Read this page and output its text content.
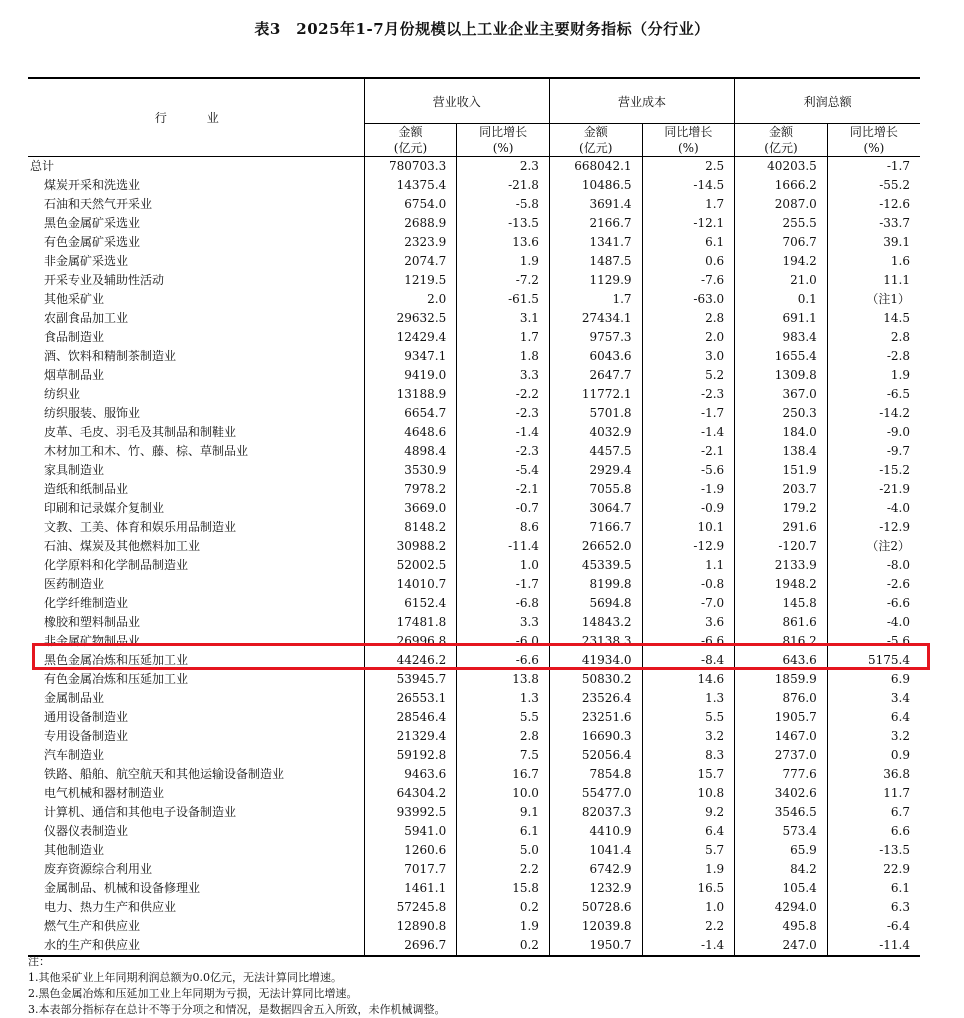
表3　2025年1-7月份规模以上工业企业主要财务指标（分行业）
行 业	营业收入		营业成本		利润总额	
	金额	同比增长	金额	同比增长	金额	同比增长
	(亿元)	(%)	(亿元)	(%)	(亿元)	(%)
总计	780703.3	2.3	668042.1	2.5	40203.5	-1.7
煤炭开采和洗选业	14375.4	-21.8	10486.5	-14.5	1666.2	-55.2
石油和天然气开采业	6754.0	-5.8	3691.4	1.7	2087.0	-12.6
黑色金属矿采选业	2688.9	-13.5	2166.7	-12.1	255.5	-33.7
有色金属矿采选业	2323.9	13.6	1341.7	6.1	706.7	39.1
非金属矿采选业	2074.7	1.9	1487.5	0.6	194.2	1.6
开采专业及辅助性活动	1219.5	-7.2	1129.9	-7.6	21.0	11.1
其他采矿业	2.0	-61.5	1.7	-63.0	0.1	（注1）
农副食品加工业	29632.5	3.1	27434.1	2.8	691.1	14.5
食品制造业	12429.4	1.7	9757.3	2.0	983.4	2.8
酒、饮料和精制茶制造业	9347.1	1.8	6043.6	3.0	1655.4	-2.8
烟草制品业	9419.0	3.3	2647.7	5.2	1309.8	1.9
纺织业	13188.9	-2.2	11772.1	-2.3	367.0	-6.5
纺织服装、服饰业	6654.7	-2.3	5701.8	-1.7	250.3	-14.2
皮革、毛皮、羽毛及其制品和制鞋业	4648.6	-1.4	4032.9	-1.4	184.0	-9.0
木材加工和木、竹、藤、棕、草制品业	4898.4	-2.3	4457.5	-2.1	138.4	-9.7
家具制造业	3530.9	-5.4	2929.4	-5.6	151.9	-15.2
造纸和纸制品业	7978.2	-2.1	7055.8	-1.9	203.7	-21.9
印刷和记录媒介复制业	3669.0	-0.7	3064.7	-0.9	179.2	-4.0
文教、工美、体育和娱乐用品制造业	8148.2	8.6	7166.7	10.1	291.6	-12.9
石油、煤炭及其他燃料加工业	30988.2	-11.4	26652.0	-12.9	-120.7	（注2）
化学原料和化学制品制造业	52002.5	1.0	45339.5	1.1	2133.9	-8.0
医药制造业	14010.7	-1.7	8199.8	-0.8	1948.2	-2.6
化学纤维制造业	6152.4	-6.8	5694.8	-7.0	145.8	-6.6
橡胶和塑料制品业	17481.8	3.3	14843.2	3.6	861.6	-4.0
非金属矿物制品业	26996.8	-6.0	23138.3	-6.6	816.2	-5.6
黑色金属冶炼和压延加工业	44246.2	-6.6	41934.0	-8.4	643.6	5175.4
有色金属冶炼和压延加工业	53945.7	13.8	50830.2	14.6	1859.9	6.9
金属制品业	26553.1	1.3	23526.4	1.3	876.0	3.4
通用设备制造业	28546.4	5.5	23251.6	5.5	1905.7	6.4
专用设备制造业	21329.4	2.8	16690.3	3.2	1467.0	3.2
汽车制造业	59192.8	7.5	52056.4	8.3	2737.0	0.9
铁路、船舶、航空航天和其他运输设备制造业	9463.6	16.7	7854.8	15.7	777.6	36.8
电气机械和器材制造业	64304.2	10.0	55477.0	10.8	3402.6	11.7
计算机、通信和其他电子设备制造业	93992.5	9.1	82037.3	9.2	3546.5	6.7
仪器仪表制造业	5941.0	6.1	4410.9	6.4	573.4	6.6
其他制造业	1260.6	5.0	1041.4	5.7	65.9	-13.5
废弃资源综合利用业	7017.7	2.2	6742.9	1.9	84.2	22.9
金属制品、机械和设备修理业	1461.1	15.8	1232.9	16.5	105.4	6.1
电力、热力生产和供应业	57245.8	0.2	50728.6	1.0	4294.0	6.3
燃气生产和供应业	12890.8	1.9	12039.8	2.2	495.8	-6.4
水的生产和供应业	2696.7	0.2	1950.7	-1.4	247.0	-11.4
注：
1.其他采矿业上年同期利润总额为0.0亿元，无法计算同比增速。
2.黑色金属冶炼和压延加工业上年同期为亏损，无法计算同比增速。
3.本表部分指标存在总计不等于分项之和情况，是数据四舍五入所致，未作机械调整。
